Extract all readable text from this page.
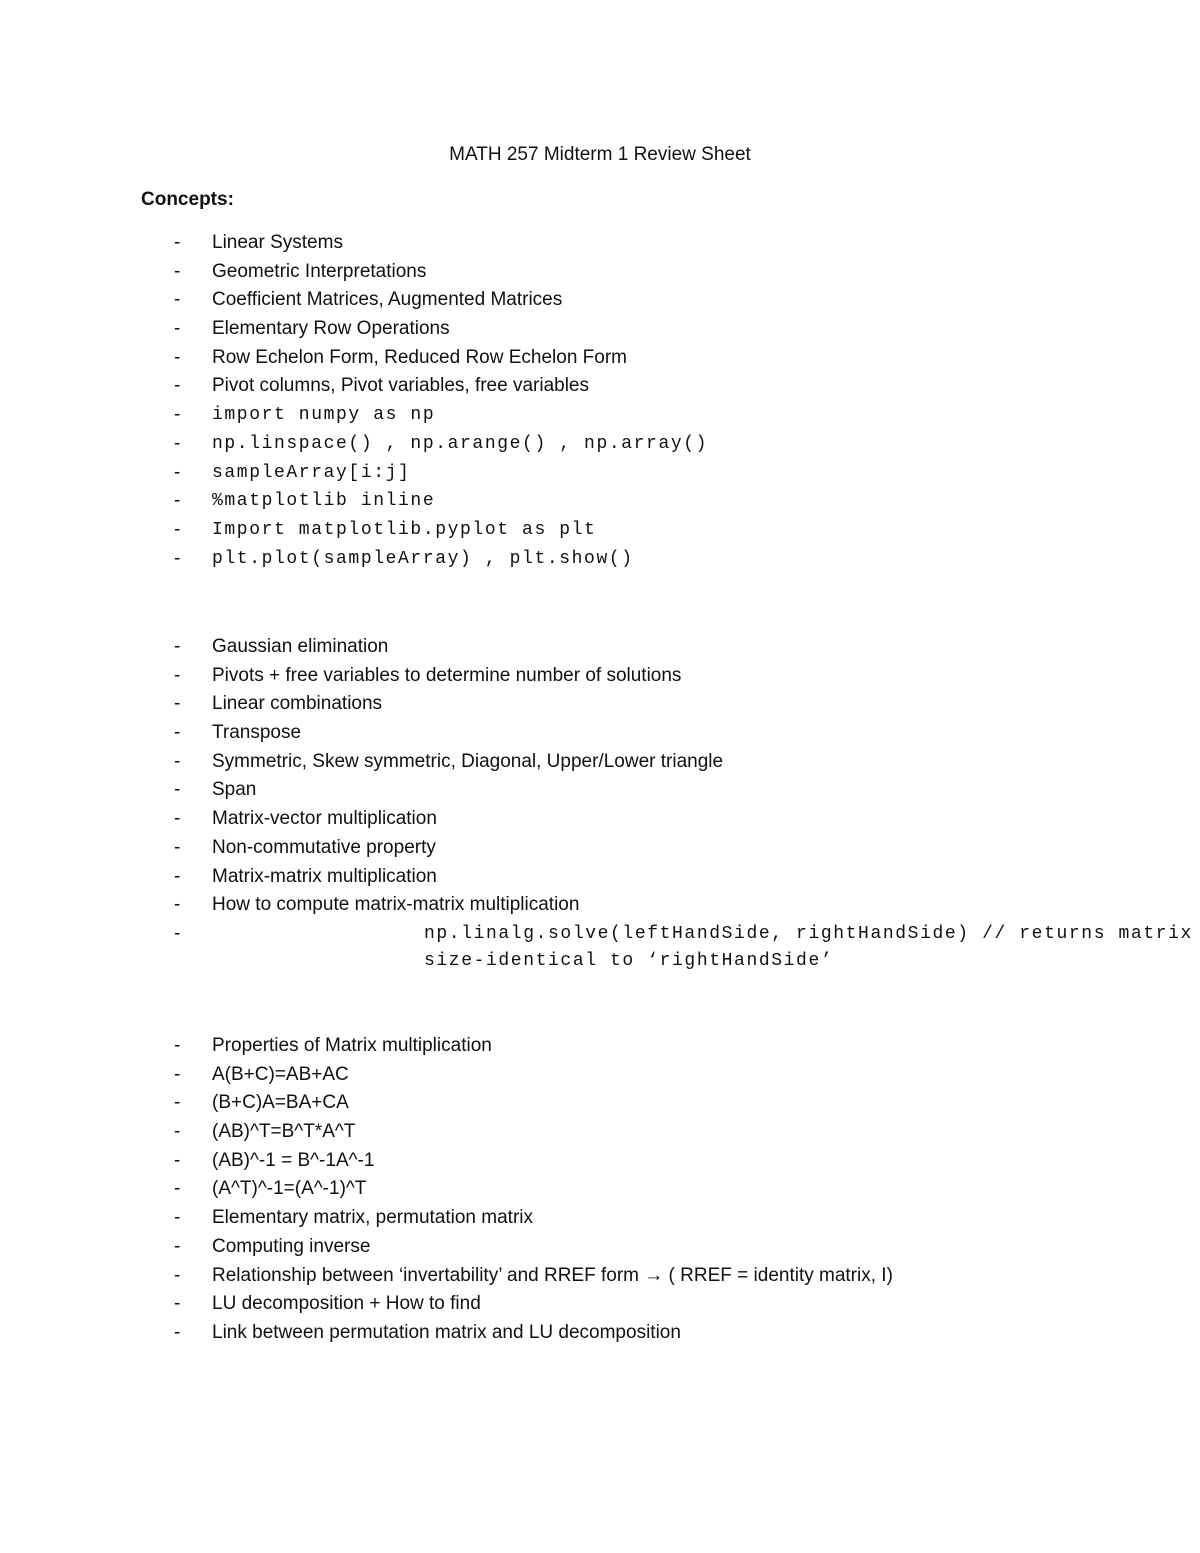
MATH 257 Midterm 1 Review Sheet
Concepts:
- Linear Systems
- Geometric Interpretations
- Coefficient Matrices, Augmented Matrices
- Elementary Row Operations
- Row Echelon Form, Reduced Row Echelon Form
- Pivot columns, Pivot variables, free variables
- import numpy as np
- np.linspace() , np.arange() , np.array()
- sampleArray[i:j]
- %matplotlib inline
- Import matplotlib.pyplot as plt
- plt.plot(sampleArray) , plt.show()
- Gaussian elimination
- Pivots + free variables to determine number of solutions
- Linear combinations
- Transpose
- Symmetric, Skew symmetric, Diagonal, Upper/Lower triangle
- Span
- Matrix-vector multiplication
- Non-commutative property
- Matrix-matrix multiplication
- How to compute matrix-matrix multiplication
-	np.linalg.solve(leftHandSide, rightHandSide) // returns matrix size-identical to ‘rightHandSide’
- Properties of Matrix multiplication
- A(B+C)=AB+AC
- (B+C)A=BA+CA
- (AB)^T=B^T*A^T
- (AB)^-1 = B^-1A^-1
- (A^T)^-1=(A^-1)^T
- Elementary matrix, permutation matrix
- Computing inverse
- Relationship between ‘invertability’ and RREF form → ( RREF = identity matrix, I)
- LU decomposition + How to find
- Link between permutation matrix and LU decomposition
